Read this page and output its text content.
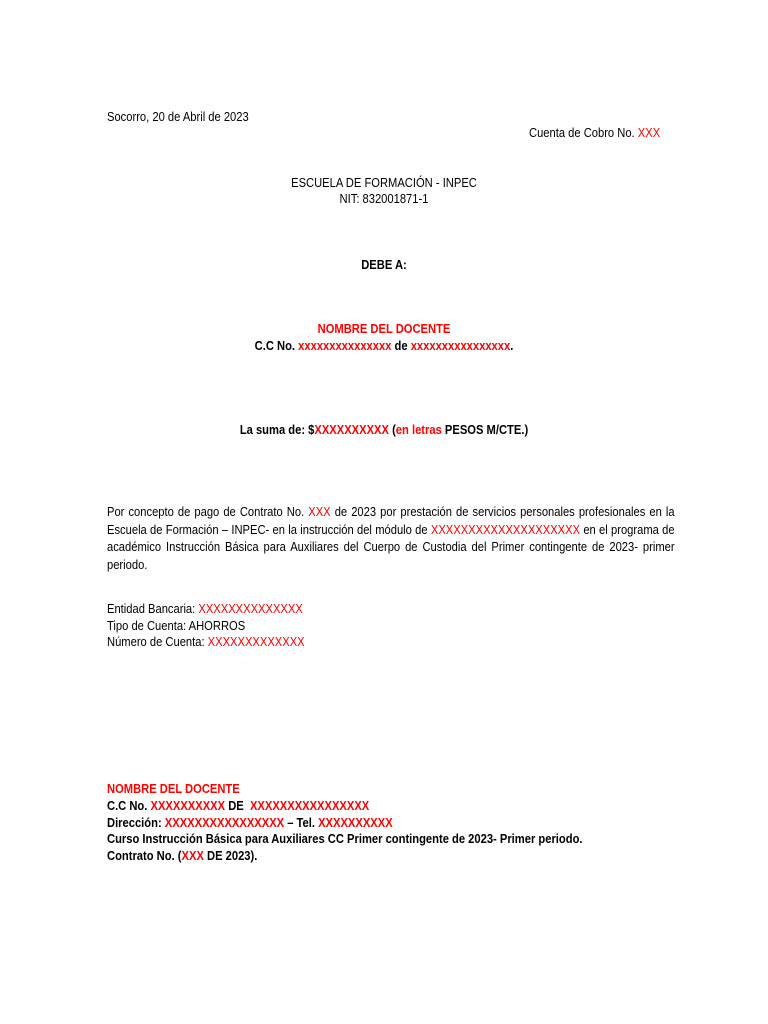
Socorro, 20 de Abril de 2023
Cuenta de Cobro No. XXX
ESCUELA DE FORMACIÓN - INPEC
NIT: 832001871-1
DEBE A:
NOMBRE DEL DOCENTE
C.C No. xxxxxxxxxxxxxxx de xxxxxxxxxxxxxxxx.
La suma de: $XXXXXXXXXX (en letras PESOS M/CTE.)
Por concepto de pago de Contrato No. XXX de 2023 por prestación de servicios personales profesionales en la Escuela de Formación – INPEC- en la instrucción del módulo de XXXXXXXXXXXXXXXXXXXX en el programa de académico Instrucción Básica para Auxiliares del Cuerpo de Custodia del Primer contingente de 2023- primer periodo.
Entidad Bancaria: XXXXXXXXXXXXXX
Tipo de Cuenta: AHORROS
Número de Cuenta: XXXXXXXXXXXXX
NOMBRE DEL DOCENTE
C.C No. XXXXXXXXXX DE XXXXXXXXXXXXXXXX
Dirección: XXXXXXXXXXXXXXXX – Tel. XXXXXXXXXX
Curso Instrucción Básica para Auxiliares CC Primer contingente de 2023- Primer periodo.
Contrato No. (XXX DE 2023).
